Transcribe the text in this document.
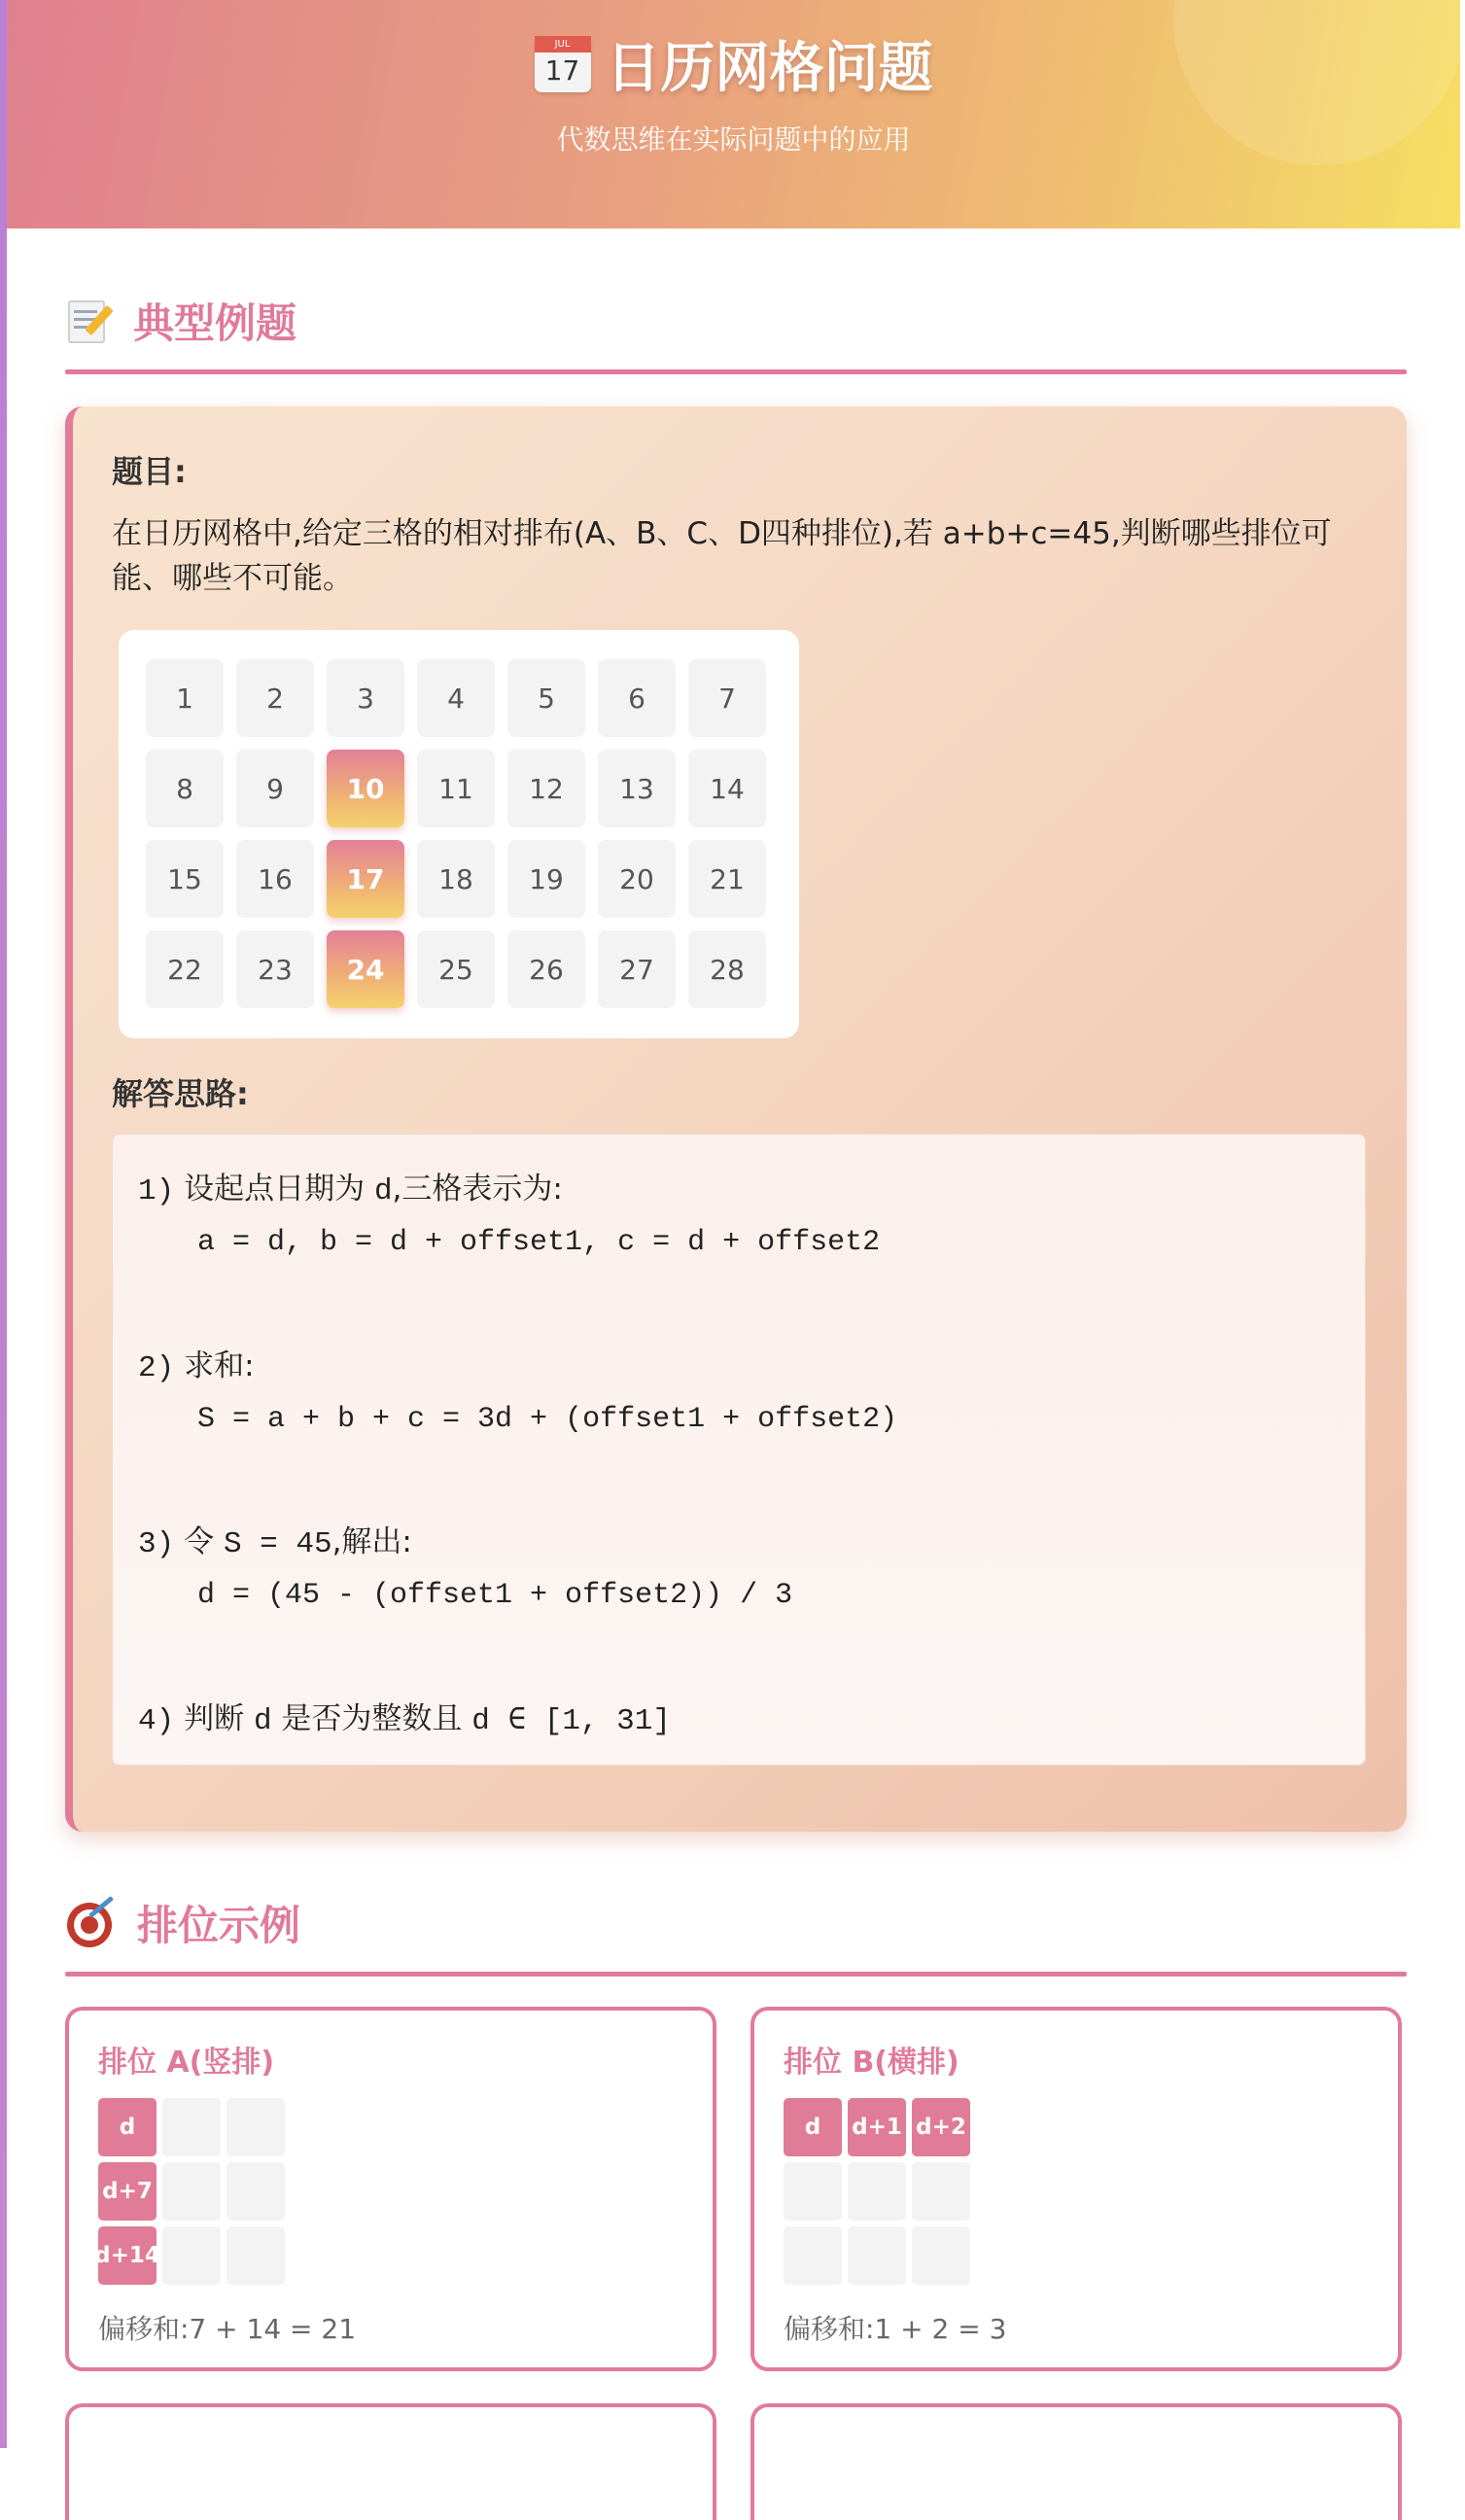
JUL
17 日历网格问题
代数思维在实际问题中的应用
典型例题
题目:
在日历网格中,给定三格的相对排布(A、B、C、D四种排位),若 a+b+c=45,判断哪些排位可能、哪些不可能。
1	2	3	4	5	6	7
8	9	10	11	12	13	14
15	16	17	18	19	20	21
22	23	24	25	26	27	28
解答思路:
1) 设起点日期为 d,三格表示为:
a = d, b = d + offset1, c = d + offset2
2) 求和:
S = a + b + c = 3d + (offset1 + offset2)
3) 令 S = 45,解出:
d = (45 - (offset1 + offset2)) / 3
4) 判断 d 是否为整数且 d ∈ [1, 31]
排位示例
排位 A(竖排)
d
d+7
d+14
偏移和:7 + 14 = 21
排位 B(横排)
d	d+1 d+2
偏移和:1 + 2 = 3
